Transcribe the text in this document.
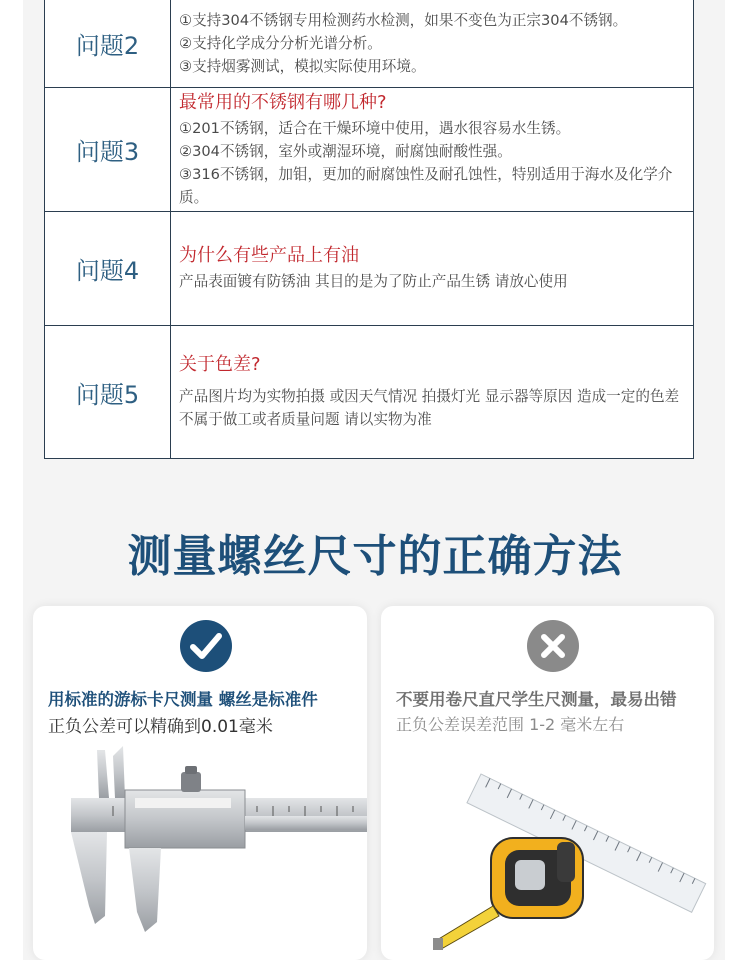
问题2

①支持304不锈钢专用检测药水检测，如果不变色为正宗304不锈钢。

②支持化学成分分析光谱分析。

③支持烟雾测试，模拟实际使用环境。

问题3
最常用的不锈钢有哪几种?

①201不锈钢，适合在干燥环境中使用，遇水很容易水生锈。

②304不锈钢，室外或潮湿环境，耐腐蚀耐酸性强。

③316不锈钢，加钼，更加的耐腐蚀性及耐孔蚀性，特别适用于海水及化学介质。

问题4
为什么有些产品上有油

产品表面镀有防锈油 其目的是为了防止产品生锈 请放心使用

问题5
关于色差?

产品图片均为实物拍摄 或因天气情况 拍摄灯光 显示器等原因 造成一定的色差 不属于做工或者质量问题 请以实物为准

测量螺丝尺寸的正确方法
用标准的游标卡尺测量 螺丝是标准件
正负公差可以精确到0.01毫米
不要用卷尺直尺学生尺测量，最易出错
正负公差误差范围 1-2 毫米左右
